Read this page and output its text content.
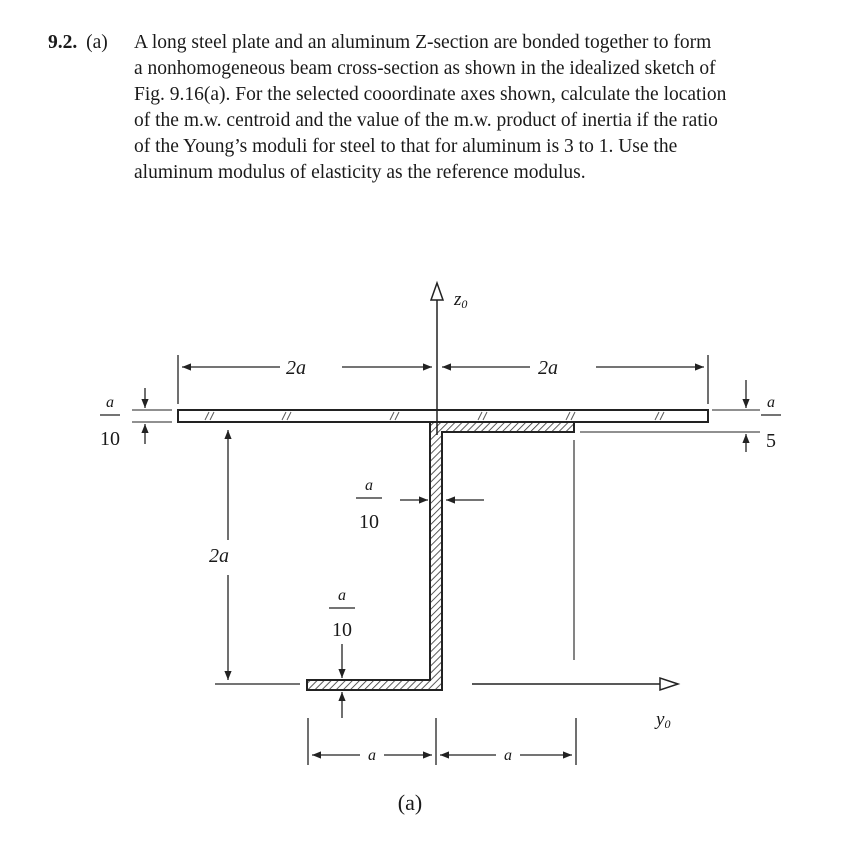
9.2. (a) A long steel plate and an aluminum Z-section are bonded together to form
a nonhomogeneous beam cross-section as shown in the idealized sketch of
Fig. 9.16(a). For the selected cooordinate axes shown, calculate the location
of the m.w. centroid and the value of the m.w. product of inertia if the ratio
of the Young’s moduli for steel to that for aluminum is 3 to 1. Use the
aluminum modulus of elasticity as the reference modulus.
z0
y0
2a	2a
2a
a
10
a
5
a
10
a
10
a	a
(a)
